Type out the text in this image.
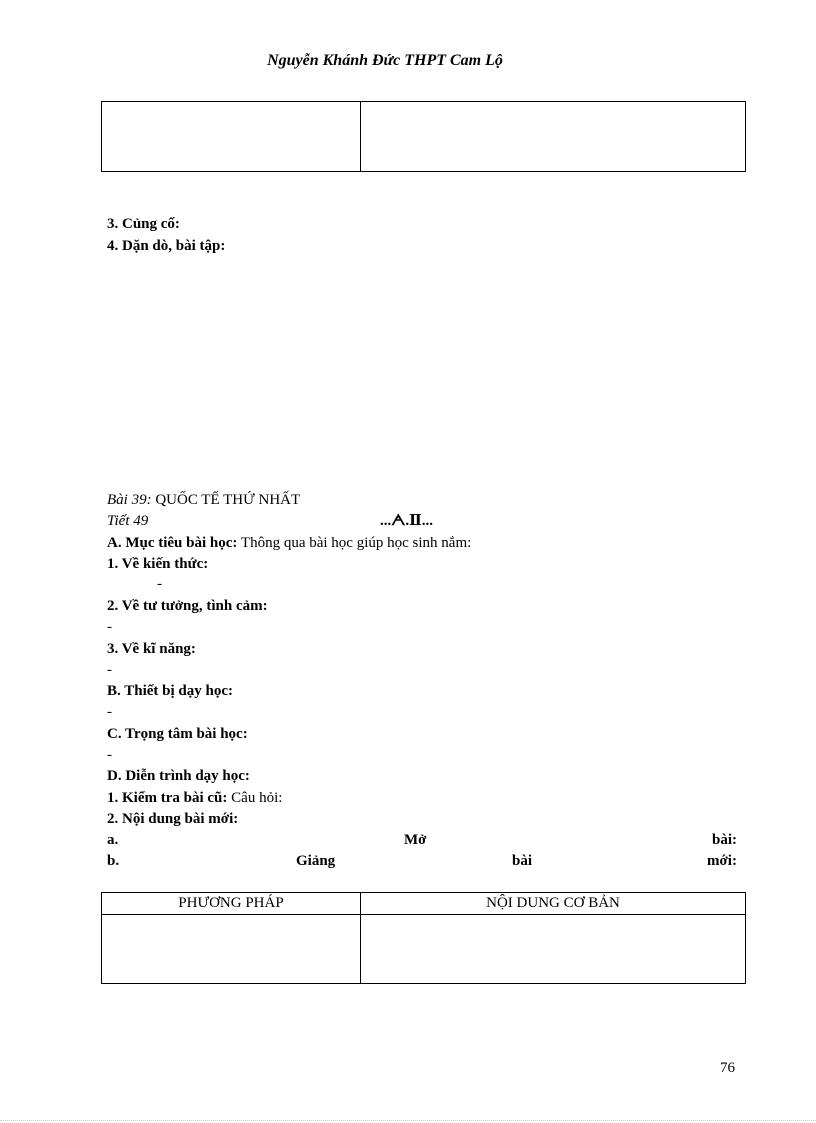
Nguyễn Khánh Đức THPT Cam Lộ
3. Củng cố:
4. Dặn dò, bài tập:
Bài 39: QUỐC TẾ THỨ NHẤT
Tiết 49	...ᗅ.Ⅱ...
A. Mục tiêu bài học: Thông qua bài học giúp học sinh nắm:
1. Về kiến thức:
-
2. Về tư tưởng, tình cảm:
-
3. Về kĩ năng:
-
B. Thiết bị dạy học:
-
C. Trọng tâm bài học:
-
D. Diễn trình dạy học:
1. Kiểm tra bài cũ: Câu hỏi:
2. Nội dung bài mới:
a.	Mở	bài:
b.	Giảng	bài	mới:
PHƯƠNG PHÁP	NỘI DUNG CƠ BẢN
76
